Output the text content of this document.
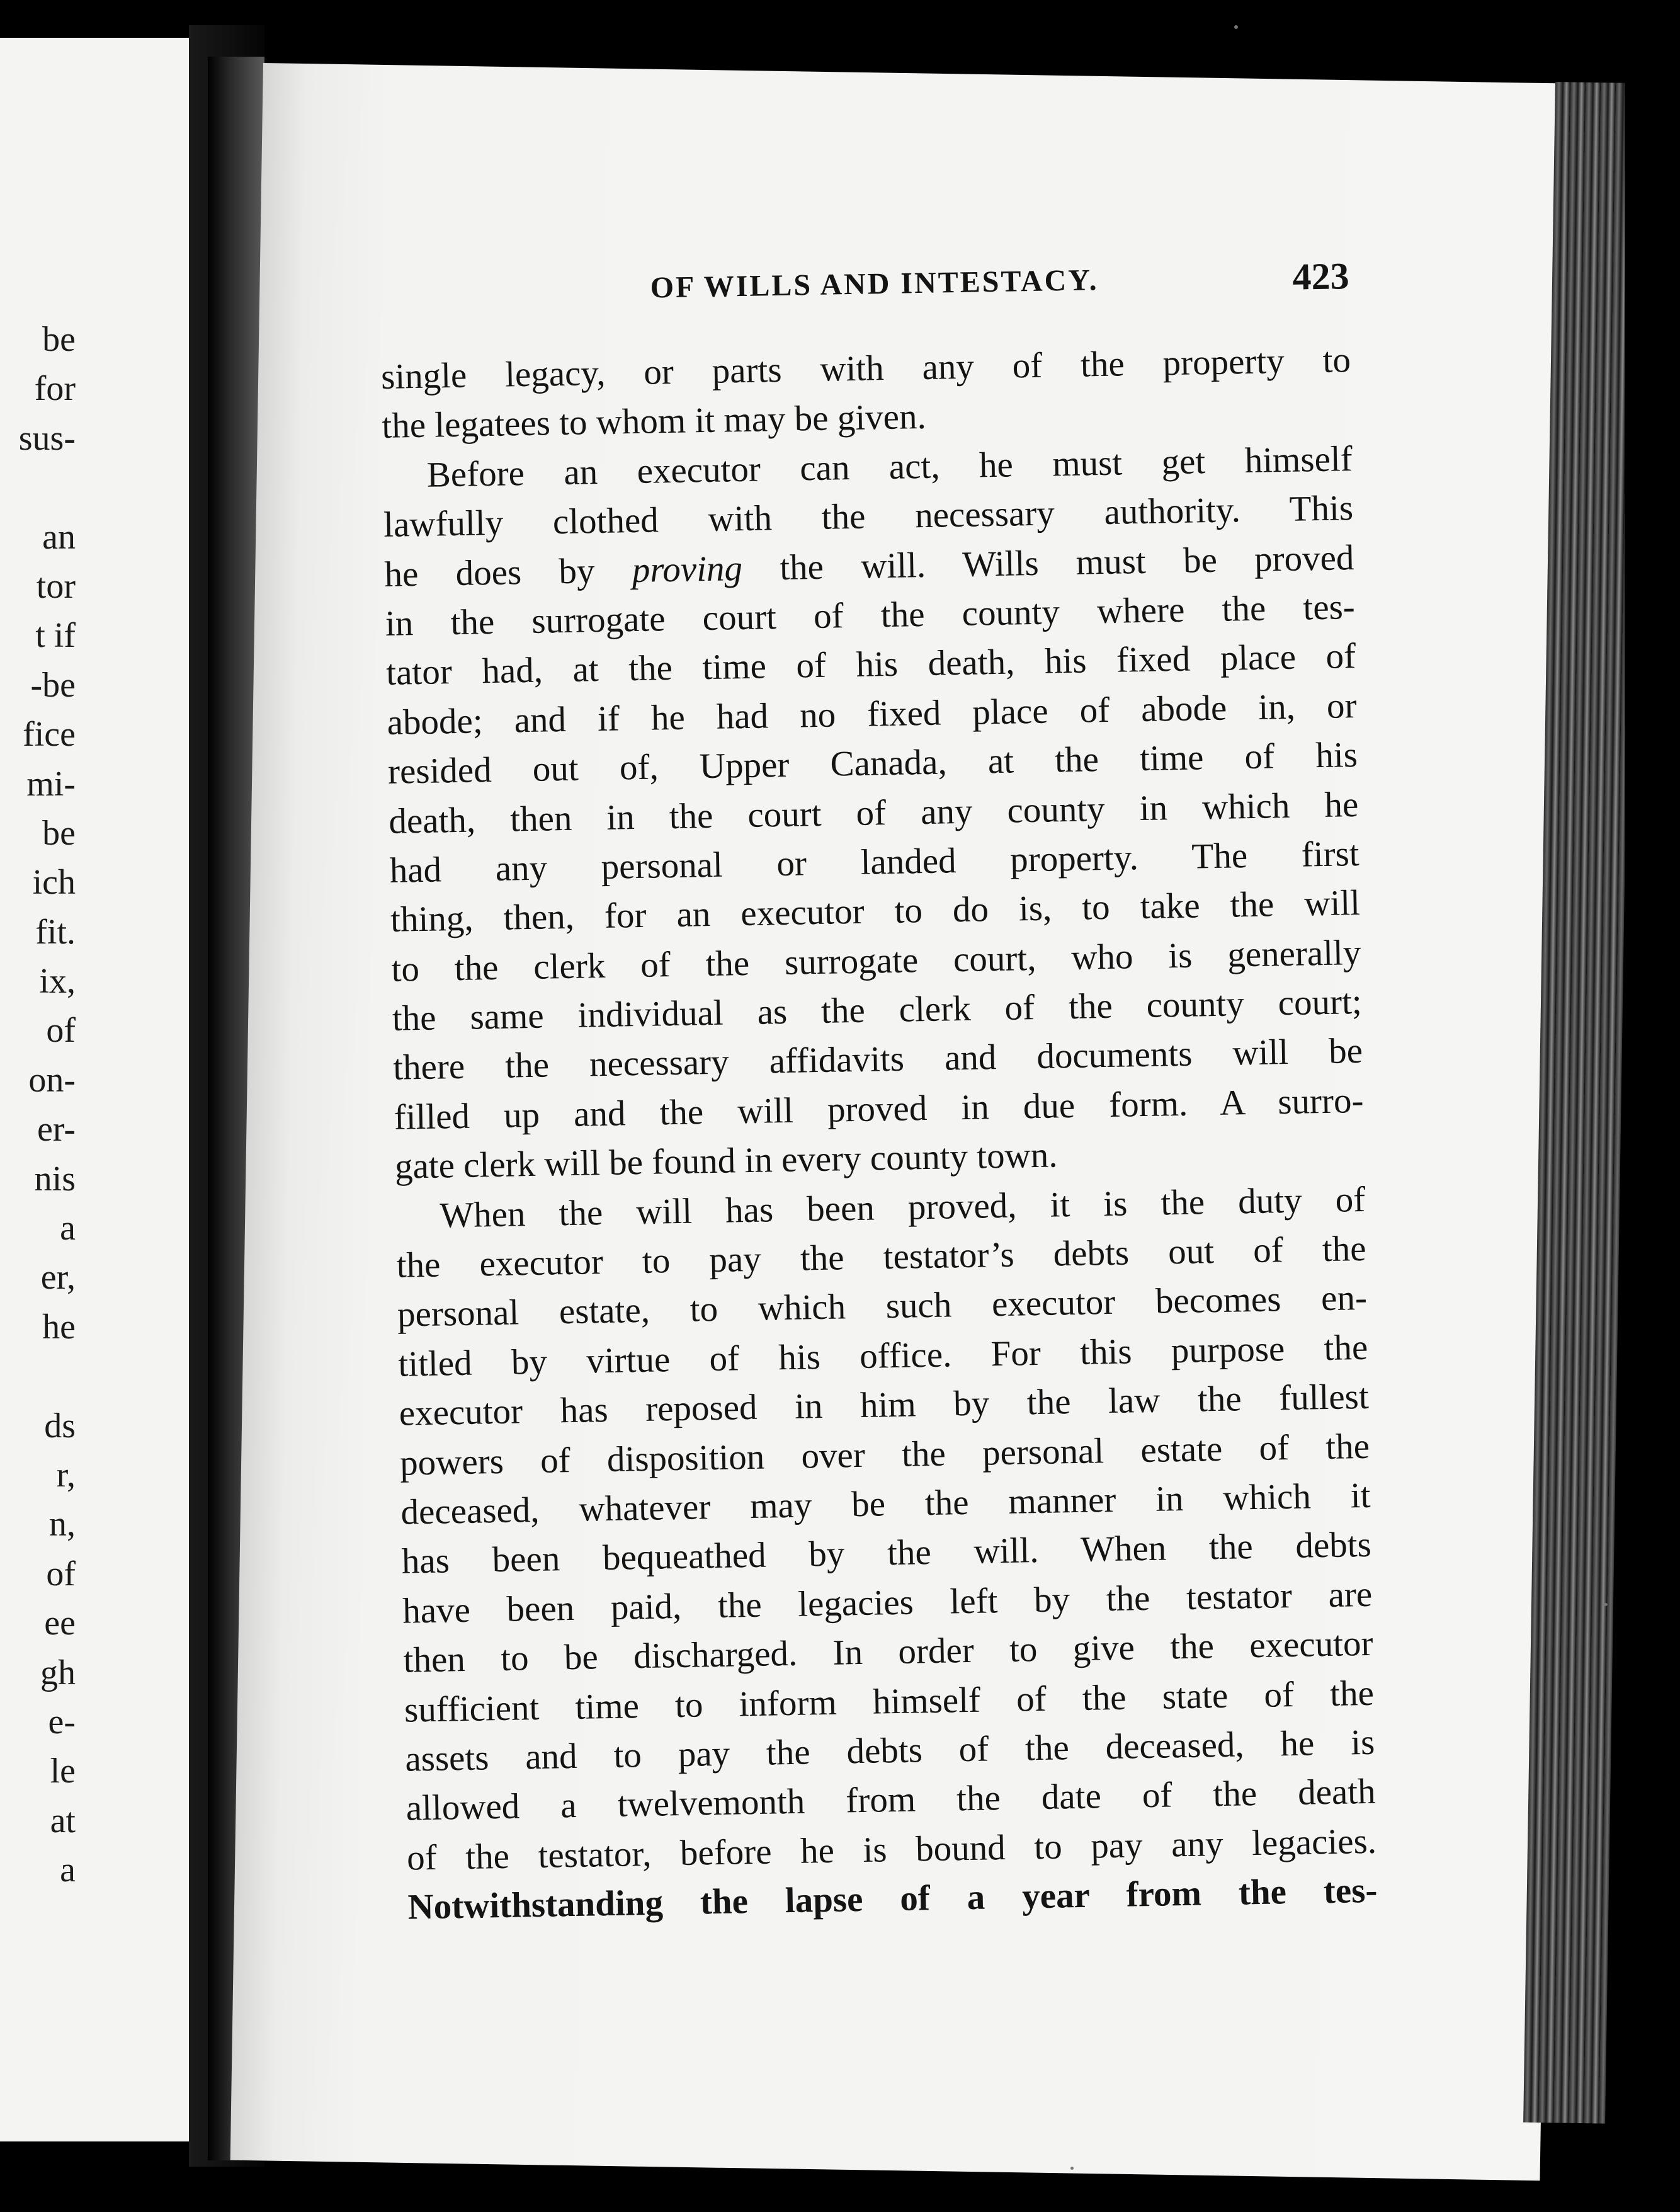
be
for
sus-
an
tor
t if
-be
fice
mi-
be
ich
fit.
ix,
of
on-
er-
nis
a
er,
he
ds
r,
n,
of
ee
gh
e-
le
at
a
OF WILLS AND INTESTACY.	423
single legacy, or parts with any of the property to
the legatees to whom it may be given.
Before an executor can act, he must get himself
lawfully clothed with the necessary authority. This
he does by proving the will. Wills must be proved
in the surrogate court of the county where the tes-
tator had, at the time of his death, his fixed place of
abode; and if he had no fixed place of abode in, or
resided out of, Upper Canada, at the time of his
death, then in the court of any county in which he
had any personal or landed property. The first
thing, then, for an executor to do is, to take the will
to the clerk of the surrogate court, who is generally
the same individual as the clerk of the county court;
there the necessary affidavits and documents will be
filled up and the will proved in due form. A surro-
gate clerk will be found in every county town.
When the will has been proved, it is the duty of
the executor to pay the testator’s debts out of the
personal estate, to which such executor becomes en-
titled by virtue of his office. For this purpose the
executor has reposed in him by the law the fullest
powers of disposition over the personal estate of the
deceased, whatever may be the manner in which it
has been bequeathed by the will. When the debts
have been paid, the legacies left by the testator are
then to be discharged. In order to give the executor
sufficient time to inform himself of the state of the
assets and to pay the debts of the deceased, he is
allowed a twelvemonth from the date of the death
of the testator, before he is bound to pay any legacies.
Notwithstanding the lapse of a year from the tes-
